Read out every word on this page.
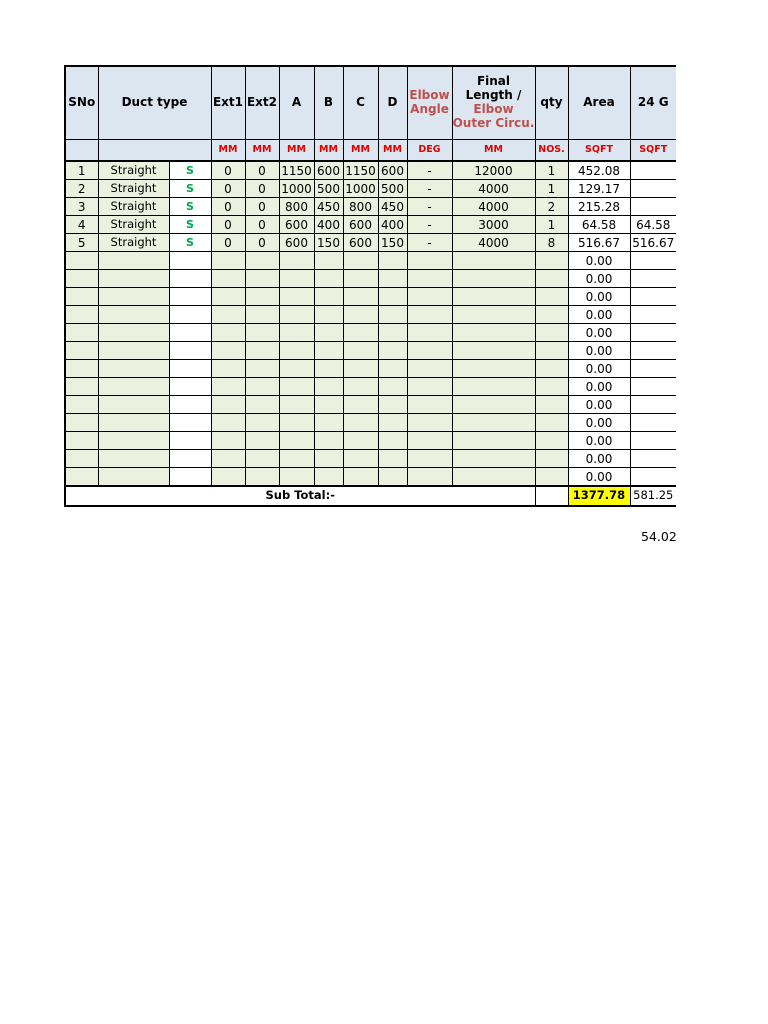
SNo	Duct type		Ext1	Ext2	A	B	C	D	Elbow Angle	Final Length /
Elbow Outer Circu.	qty	Area	24 G
			MM	MM	MM	MM	MM	MM	DEG	MM	NOS.	SQFT	SQFT
1	Straight	S	0	0	1150	600	1150	600	-	12000	1	452.08	
2	Straight	S	0	0	1000	500	1000	500	-	4000	1	129.17	
3	Straight	S	0	0	800	450	800	450	-	4000	2	215.28	
4	Straight	S	0	0	600	400	600	400	-	3000	1	64.58	64.58
5	Straight	S	0	0	600	150	600	150	-	4000	8	516.67	516.67
												0.00	
												0.00	
												0.00	
												0.00	
												0.00	
												0.00	
												0.00	
												0.00	
												0.00	
												0.00	
												0.00	
												0.00	
												0.00	
Sub Total:-												1377.78	581.25
54.02
